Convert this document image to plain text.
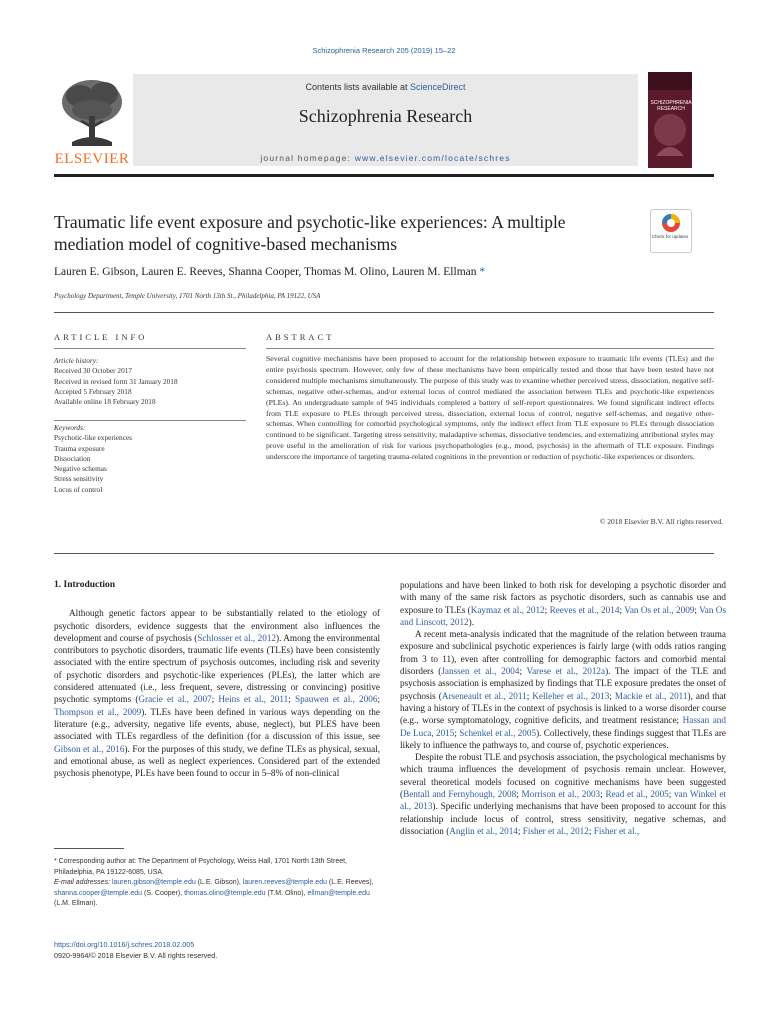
Schizophrenia Research 205 (2019) 15–22
Contents lists available at ScienceDirect
Schizophrenia Research
journal homepage: www.elsevier.com/locate/schres
ELSEVIER
SCHIZOPHRENIA RESEARCH
Traumatic life event exposure and psychotic-like experiences: A multiple mediation model of cognitive-based mechanisms	Check for updates
Lauren E. Gibson, Lauren E. Reeves, Shanna Cooper, Thomas M. Olino, Lauren M. Ellman *
Psychology Department, Temple University, 1701 North 13th St., Philadelphia, PA 19122, USA
ARTICLE INFO	ABSTRACT
Article history:
Received 30 October 2017
Received in revised form 31 January 2018
Accepted 5 February 2018
Available online 18 February 2018
Keywords:
Psychotic-like experiences
Trauma exposure
Dissociation
Negative schemas
Stress sensitivity
Locus of control
Several cognitive mechanisms have been proposed to account for the relationship between exposure to traumatic life events (TLEs) and the entire psychosis spectrum. However, only few of these mechanisms have been empirically tested and those that have been tested have not considered multiple mechanisms simultaneously. The purpose of this study was to examine whether perceived stress, dissociation, negative self-schemas, negative other-schemas, and/or external locus of control mediated the association between TLEs and psychotic-like experiences (PLEs). An undergraduate sample of 945 individuals completed a battery of self-report questionnaires. We found significant indirect effects from TLE exposure to PLEs through perceived stress, dissociation, external locus of control, negative self-schemas, and negative other-schemas. When controlling for comorbid psychological symptoms, only the indirect effect from TLE exposure to PLEs through dissociation continued to be significant. Targeting stress sensitivity, maladaptive schemas, dissociative tendencies, and externalizing attributional styles may prove useful in the amelioration of risk for various psychopathologies (e.g., mood, psychosis) in the aftermath of TLE exposure. Findings underscore the importance of targeting trauma-related cognitions in the prevention or reduction of psychotic-like experiences or disorders.
© 2018 Elsevier B.V. All rights reserved.
1. Introduction

Although genetic factors appear to be substantially related to the etiology of psychotic disorders, evidence suggests that the environment also influences the development and course of psychosis (Schlosser et al., 2012). Among the environmental contributors to psychotic disorders, traumatic life events (TLEs) have been consistently associated with the entire spectrum of psychosis outcomes, including risk and severity of psychotic disorders and psychotic-like experiences (PLEs), the latter which are considered attenuated (i.e., less frequent, severe, distressing or convincing) positive psychotic symptoms (Gracie et al., 2007; Heins et al., 2011; Spauwen et al., 2006; Thompson et al., 2009). TLEs have been defined in various ways depending on the literature (e.g., adversity, negative life events, abuse, neglect), but PLES have been associated with TLEs regardless of the definition (for a discussion of this issue, see Gibson et al., 2016). For the purposes of this study, we define TLEs as physical, sexual, and emotional abuse, as well as neglect experiences. Considered part of the extended psychosis phenotype, PLEs have been found to occur in 5–8% of non-clinical

populations and have been linked to both risk for developing a psychotic disorder and with many of the same risk factors as psychotic disorders, such as cannabis use and exposure to TLEs (Kaymaz et al., 2012; Reeves et al., 2014; Van Os et al., 2009; Van Os and Linscott, 2012).

A recent meta-analysis indicated that the magnitude of the relation between trauma exposure and subclinical psychotic experiences is fairly large (with odds ratios ranging from 3 to 11), even after controlling for demographic factors and comorbid mental disorders (Janssen et al., 2004; Varese et al., 2012a). The impact of the TLE and psychosis association is emphasized by findings that TLE exposure predates the onset of psychosis (Arseneault et al., 2011; Kelleher et al., 2013; Mackie et al., 2011), and that having a history of TLEs in the context of psychosis is linked to a worse disorder course (e.g., worse symptomatology, cognitive deficits, and treatment resistance; Hassan and De Luca, 2015; Schenkel et al., 2005). Collectively, these findings suggest that TLEs are likely to influence the pathways to, and course of, psychotic experiences.

Despite the robust TLE and psychosis association, the psychological mechanisms by which trauma influences the development of psychosis remain unclear. However, several theoretical models focused on cognitive mechanisms have been suggested (Bentall and Fernyhough, 2008; Morrison et al., 2003; Read et al., 2005; van Winkel et al., 2013). Specific underlying mechanisms that have been proposed to account for this relationship include locus of control, stress sensitivity, negative schemas, and dissociation (Anglin et al., 2014; Fisher et al., 2012; Fisher et al.,

* Corresponding author at: The Department of Psychology, Weiss Hall, 1701 North 13th Street, Philadelphia, PA 19122-6085, USA.
E-mail addresses: lauren.gibson@temple.edu (L.E. Gibson), lauren.reeves@temple.edu (L.E. Reeves), shanna.cooper@temple.edu (S. Cooper), thomas.olino@temple.edu (T.M. Olino), ellman@temple.edu (L.M. Ellman).
https://doi.org/10.1016/j.schres.2018.02.005
0920-9964/© 2018 Elsevier B.V. All rights reserved.
